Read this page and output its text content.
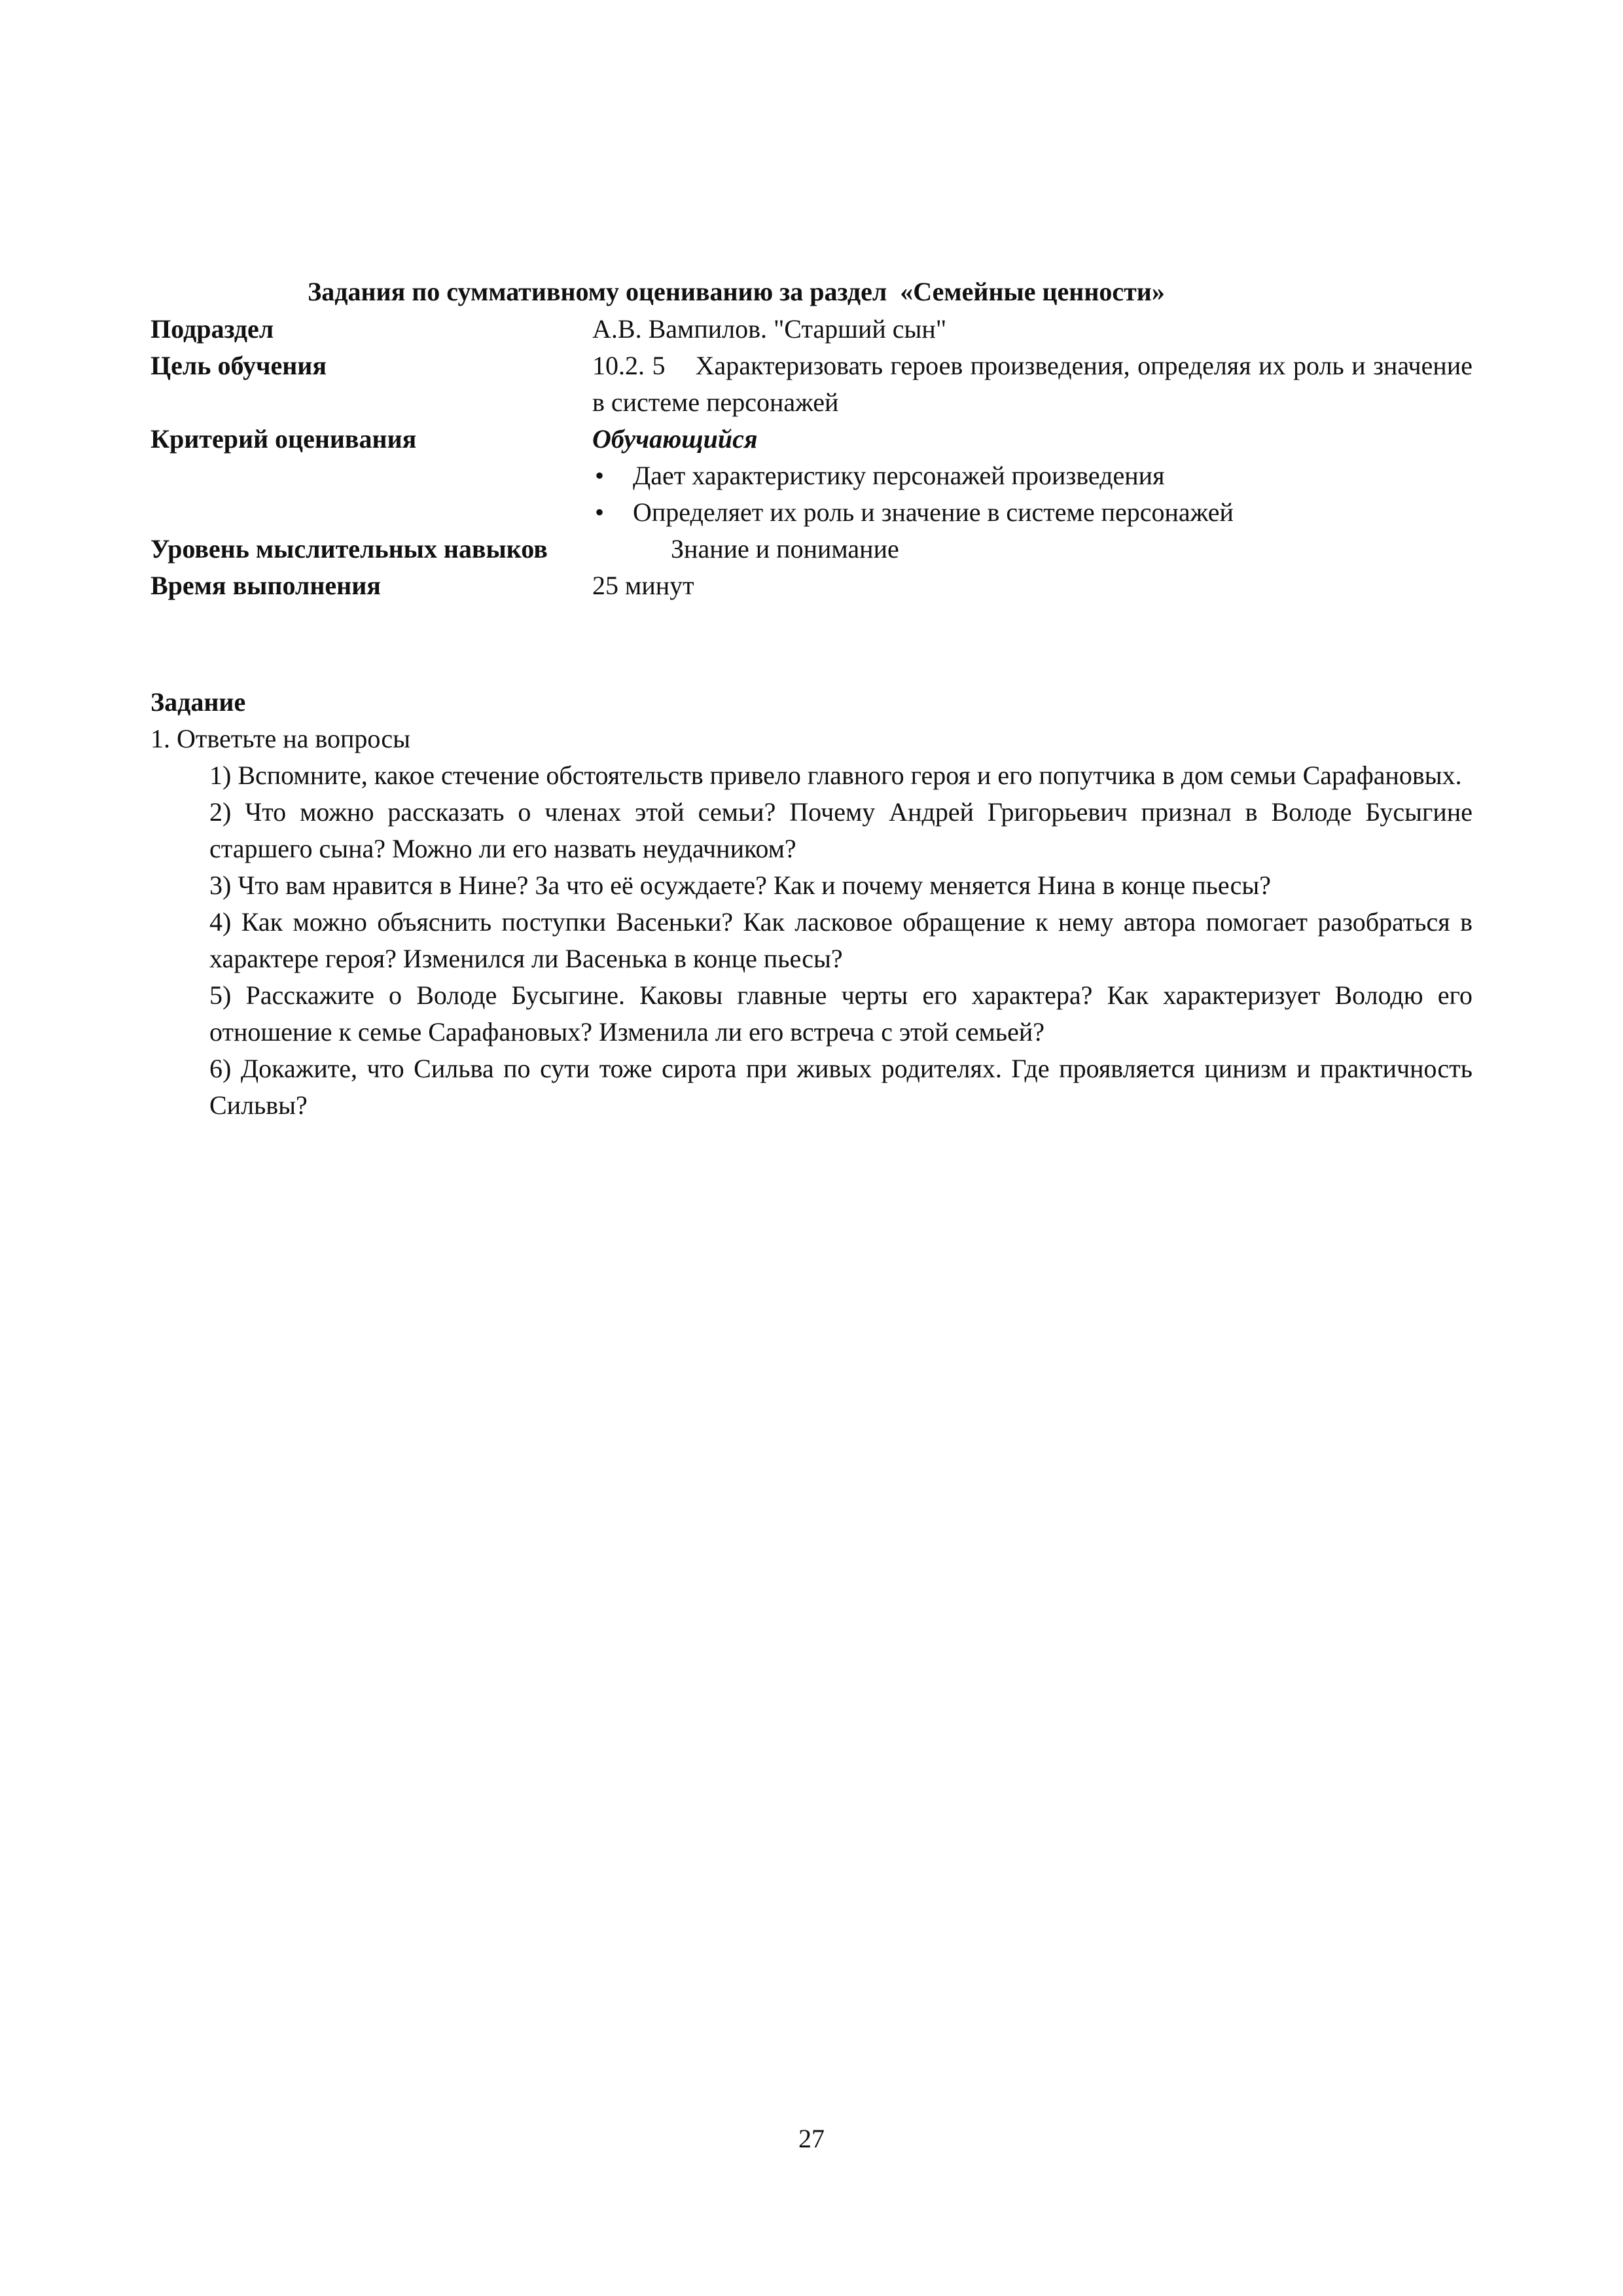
Задания по суммативному оцениванию за раздел  «Семейные ценности»
Подраздел	А.В. Вампилов. "Старший сын"
Цель обучения	10.2. 5    Характеризовать героев произведения, определяя их роль и значение в системе персонажей
Критерий оценивания	Обучающийся
• Дает характеристику персонажей произведения
• Определяет их роль и значение в системе персонажей
Уровень мыслительных навыков	Знание и понимание
Время выполнения	25 минут
Задание
1. Ответьте на вопросы
1) Вспомните, какое стечение обстоятельств привело главного героя и его попутчика в дом семьи Сарафановых.
2) Что можно рассказать о членах этой семьи? Почему Андрей Григорьевич признал в Володе Бусыгине старшего сына? Можно ли его назвать неудачником?
3) Что вам нравится в Нине? За что её осуждаете? Как и почему меняется Нина в конце пьесы?
4) Как можно объяснить поступки Васеньки? Как ласковое обращение к нему автора помогает разобраться в характере героя? Изменился ли Васенька в конце пьесы?
5) Расскажите о Володе Бусыгине. Каковы главные черты его характера? Как характеризует Володю его отношение к семье Сарафановых? Изменила ли его встреча с этой семьей?
6) Докажите, что Сильва по сути тоже сирота при живых родителях. Где проявляется цинизм и практичность Сильвы?
27
